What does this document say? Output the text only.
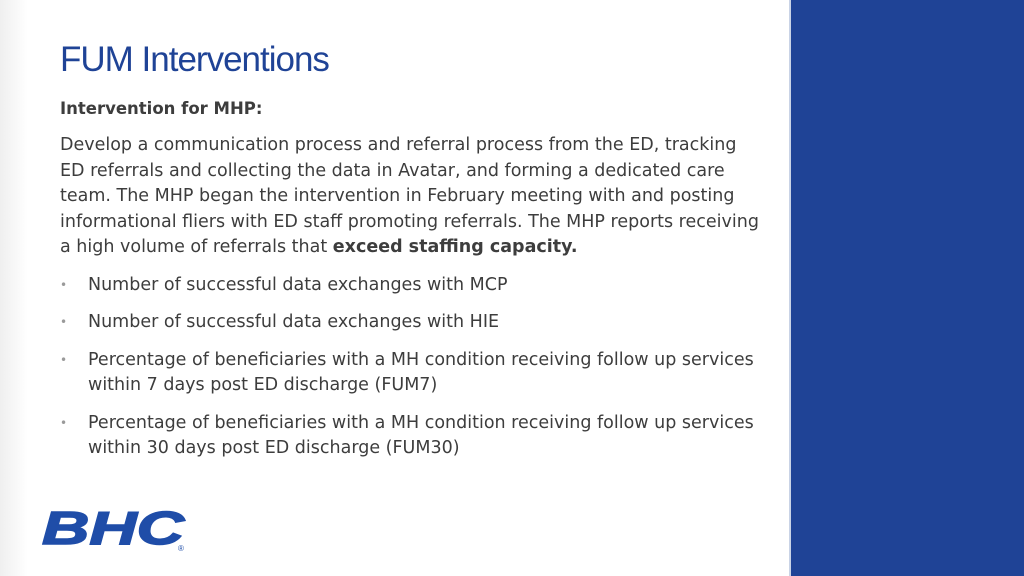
FUM Interventions

Intervention for MHP:

Develop a communication process and referral process from the ED, tracking ED referrals and collecting the data in Avatar, and forming a dedicated care team. The MHP began the intervention in February meeting with and posting informational fliers with ED staff promoting referrals. The MHP reports receiving a high volume of referrals that exceed staffing capacity.

• Number of successful data exchanges with MCP
• Number of successful data exchanges with HIE
• Percentage of beneficiaries with a MH condition receiving follow up services within 7 days post ED discharge (FUM7)
• Percentage of beneficiaries with a MH condition receiving follow up services within 30 days post ED discharge (FUM30)
BHC
®
